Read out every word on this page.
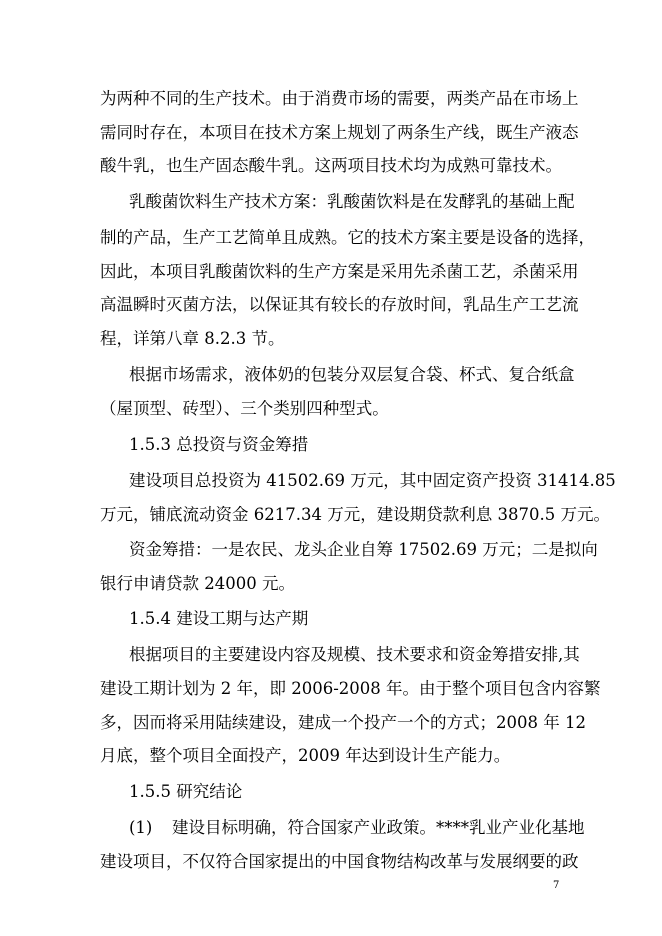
为两种不同的生产技术。由于消费市场的需要，两类产品在市场上
需同时存在，本项目在技术方案上规划了两条生产线，既生产液态
酸牛乳，也生产固态酸牛乳。这两项目技术均为成熟可靠技术。
乳酸菌饮料生产技术方案：乳酸菌饮料是在发酵乳的基础上配
制的产品，生产工艺简单且成熟。它的技术方案主要是设备的选择，
因此，本项目乳酸菌饮料的生产方案是采用先杀菌工艺，杀菌采用
高温瞬时灭菌方法，以保证其有较长的存放时间，乳品生产工艺流
程，详第八章 8.2.3 节。
根据市场需求，液体奶的包装分双层复合袋、杯式、复合纸盒
（屋顶型、砖型）、三个类别四种型式。
1.5.3 总投资与资金筹措
建设项目总投资为 41502.69 万元，其中固定资产投资 31414.85
万元，铺底流动资金 6217.34 万元，建设期贷款利息 3870.5 万元。
资金筹措：一是农民、龙头企业自筹 17502.69 万元；二是拟向
银行申请贷款 24000 元。
1.5.4 建设工期与达产期
根据项目的主要建设内容及规模、技术要求和资金筹措安排,其
建设工期计划为 2 年，即 2006-2008 年。由于整个项目包含内容繁
多，因而将采用陆续建设，建成一个投产一个的方式；2008 年 12
月底，整个项目全面投产，2009 年达到设计生产能力。
1.5.5 研究结论
(1)	建设目标明确，符合国家产业政策。****乳业产业化基地
建设项目，不仅符合国家提出的中国食物结构改革与发展纲要的政
7
